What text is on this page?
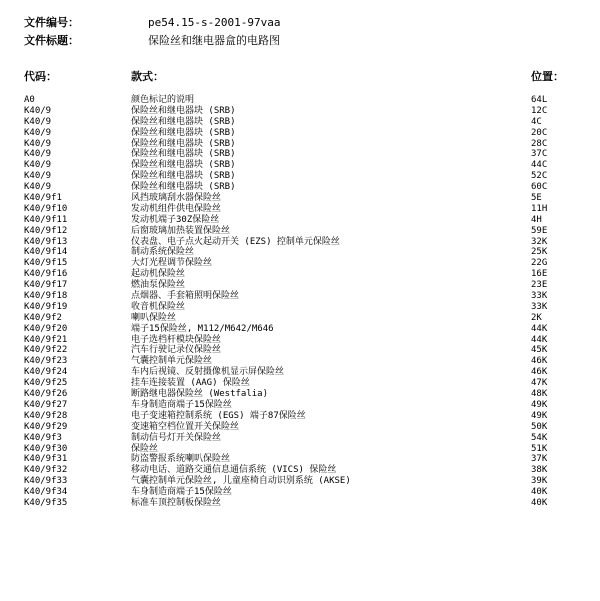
文件编号：	pe54.15-s-2001-97vaa
文件标题：	保险丝和继电器盒的电路图
代码：	款式：	位置：
A0	颜色标记的说明	64L
K40/9	保险丝和继电器块 (SRB)	12C
K40/9	保险丝和继电器块 (SRB)	4C
K40/9	保险丝和继电器块 (SRB)	20C
K40/9	保险丝和继电器块 (SRB)	28C
K40/9	保险丝和继电器块 (SRB)	37C
K40/9	保险丝和继电器块 (SRB)	44C
K40/9	保险丝和继电器块 (SRB)	52C
K40/9	保险丝和继电器块 (SRB)	60C
K40/9f1	风挡玻璃刮水器保险丝	5E
K40/9f10	发动机组件供电保险丝	11H
K40/9f11	发动机端子30Z保险丝	4H
K40/9f12	后窗玻璃加热装置保险丝	59E
K40/9f13	仪表盘、电子点火起动开关 (EZS) 控制单元保险丝	32K
K40/9f14	制动系统保险丝	25K
K40/9f15	大灯光程调节保险丝	22G
K40/9f16	起动机保险丝	16E
K40/9f17	燃油泵保险丝	23E
K40/9f18	点烟器、手套箱照明保险丝	33K
K40/9f19	收音机保险丝	33K
K40/9f2	喇叭保险丝	2K
K40/9f20	端子15保险丝, M112/M642/M646	44K
K40/9f21	电子选档杆模块保险丝	44K
K40/9f22	汽车行驶记录仪保险丝	45K
K40/9f23	气囊控制单元保险丝	46K
K40/9f24	车内后视镜、反射摄像机显示屏保险丝	46K
K40/9f25	挂车连接装置 (AAG) 保险丝	47K
K40/9f26	断路继电器保险丝 (Westfalia)	48K
K40/9f27	车身制造商端子15保险丝	49K
K40/9f28	电子变速箱控制系统 (EGS) 端子87保险丝	49K
K40/9f29	变速箱空档位置开关保险丝	50K
K40/9f3	制动信号灯开关保险丝	54K
K40/9f30	保险丝	51K
K40/9f31	防盗警报系统喇叭保险丝	37K
K40/9f32	移动电话、道路交通信息通信系统 (VICS) 保险丝	38K
K40/9f33	气囊控制单元保险丝, 儿童座椅自动识别系统 (AKSE)	39K
K40/9f34	车身制造商端子15保险丝	40K
K40/9f35	标准车顶控制板保险丝	40K
